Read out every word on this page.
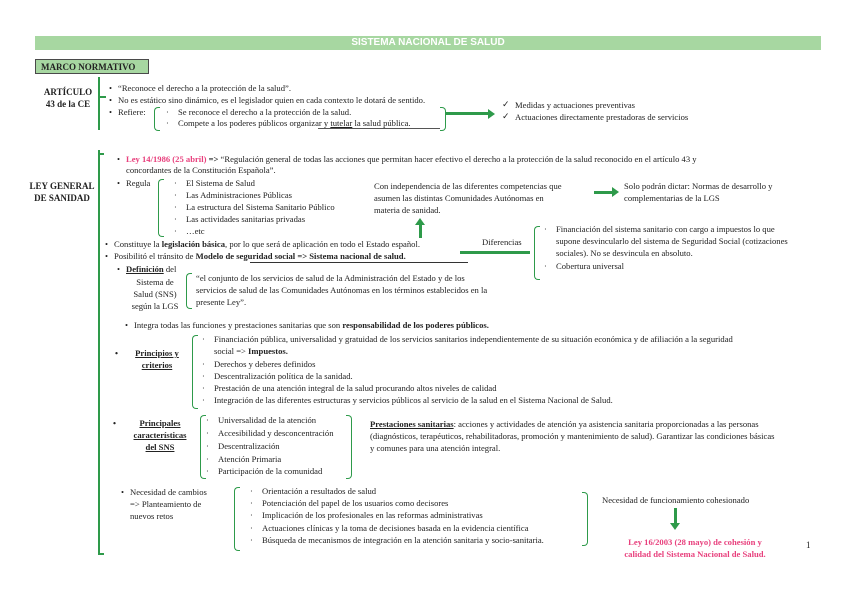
SISTEMA NACIONAL DE SALUD
MARCO NORMATIVO
ARTÍCULO
43 de la CE
• “Reconoce el derecho a la protección de la salud”.
• No es estático sino dinámico, es el legislador quien en cada contexto le dotará de sentido.
• Refiere:	· Se reconoce el derecho a la protección de la salud.
· Compete a los poderes públicos organizar y tutelar la salud pública.
✓ Medidas y actuaciones preventivas
✓ Actuaciones directamente prestadoras de servicios
LEY GENERAL
DE SANIDAD
• Ley 14/1986 (25 abril) => “Regulación general de todas las acciones que permitan hacer efectivo el derecho a la protección de la salud reconocido en el artículo 43 y
concordantes de la Constitución Española”.
• Regula	· El Sistema de Salud
· Las Administraciones Públicas
· La estructura del Sistema Sanitario Público
· Las actividades sanitarias privadas
· …etc
Con independencia de las diferentes competencias que
asumen las distintas Comunidades Autónomas en
materia de sanidad.
Solo podrán dictar: Normas de desarrollo y
complementarias de la LGS
• Constituye la legislación básica, por lo que será de aplicación en todo el Estado español.
• Posibilitó el tránsito de Modelo de seguridad social => Sistema nacional de salud.
Diferencias
· Financiación del sistema sanitario con cargo a impuestos lo que
supone desvincularlo del sistema de Seguridad Social (cotizaciones
sociales). No se desvincula en absoluto.
· Cobertura universal
• Definición del
Sistema de
Salud (SNS)
según la LGS
“el conjunto de los servicios de salud de la Administración del Estado y de los
servicios de salud de las Comunidades Autónomas en los términos establecidos en la
presente Ley”.
• Integra todas las funciones y prestaciones sanitarias que son responsabilidad de los poderes públicos.
• Principios y
criterios
· Financiación pública, universalidad y gratuidad de los servicios sanitarios independientemente de su situación económica y de afiliación a la seguridad
social => Impuestos.
· Derechos y deberes definidos
· Descentralización política de la sanidad.
· Prestación de una atención integral de la salud procurando altos niveles de calidad
· Integración de las diferentes estructuras y servicios públicos al servicio de la salud en el Sistema Nacional de Salud.
• Principales
características
del SNS
· Universalidad de la atención
· Accesibilidad y desconcentración
· Descentralización
· Atención Primaria
· Participación de la comunidad
Prestaciones sanitarias: acciones y actividades de atención ya asistencia sanitaria proporcionadas a las personas
(diagnósticos, terapéuticos, rehabilitadoras, promoción y mantenimiento de salud). Garantizar las condiciones básicas
y comunes para una atención integral.
• Necesidad de cambios
=> Planteamiento de
nuevos retos
· Orientación a resultados de salud
· Potenciación del papel de los usuarios como decisores
· Implicación de los profesionales en las reformas administrativas
· Actuaciones clínicas y la toma de decisiones basada en la evidencia científica
· Búsqueda de mecanismos de integración en la atención sanitaria y socio-sanitaria.
Necesidad de funcionamiento cohesionado
Ley 16/2003 (28 mayo) de cohesión y
calidad del Sistema Nacional de Salud.
1
